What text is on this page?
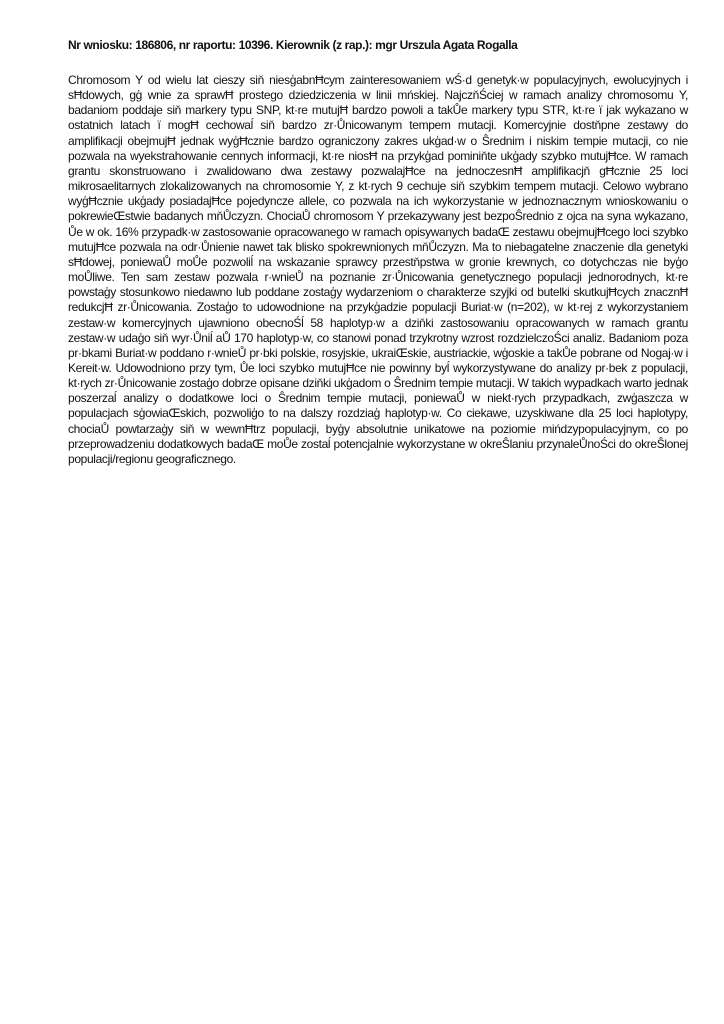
Nr wniosku: 186806, nr raportu: 10396. Kierownik (z rap.): mgr Urszula Agata Rogalla

Chromosom Y od wielu lat cieszy siň niesģabnĦcym zainteresowaniem wŚ·d genetyk·w populacyjnych, ewolucyjnych i sĦdowych, gģ wnie za sprawĦ prostego dziedziczenia w linii mńskiej. NajczňŚciej w ramach analizy chromosomu Y, badaniom poddaje siň markery typu SNP, kt·re mutujĦ bardzo powoli a takŮe markery typu STR, kt·re ï jak wykazano w ostatnich latach ï mogĦ cechowaĺ siň bardzo zr·Ůnicowanym tempem mutacji. Komercyjnie dostňpne zestawy do amplifikacji obejmujĦ jednak wyģĦcznie bardzo ograniczony zakres ukģad·w o Ŝrednim i niskim tempie mutacji, co nie pozwala na wyekstrahowanie cennych informacji, kt·re niosĦ na przykģad pominiňte ukģady szybko mutujĦce. W ramach grantu skonstruowano i zwalidowano dwa zestawy pozwalajĦce na jednoczesnĦ amplifikacjň gĦcznie 25 loci mikrosaelitarnych zlokalizowanych na chromosomie Y, z kt·rych 9 cechuje siň szybkim tempem mutacji. Celowo wybrano wyģĦcznie ukģady posiadajĦce pojedyncze allele, co pozwala na ich wykorzystanie w jednoznacznym wnioskowaniu o pokrewieŒstwie badanych mňŮczyzn. ChociaŮ chromosom Y przekazywany jest bezpoŜrednio z ojca na syna wykazano, Ůe w ok. 16% przypadk·w zastosowanie opracowanego w ramach opisywanych badaŒ zestawu obejmujĦcego loci szybko mutujĦce pozwala na odr·Ůnienie nawet tak blisko spokrewnionych mňŮczyzn. Ma to niebagatelne znaczenie dla genetyki sĦdowej, poniewaŮ moŮe pozwoliĺ na wskazanie sprawcy przestňpstwa w gronie krewnych, co dotychczas nie byģo moŮliwe. Ten sam zestaw pozwala r·wnieŮ na poznanie zr·Ůnicowania genetycznego populacji jednorodnych, kt·re powstaģy stosunkowo niedawno lub poddane zostaģy wydarzeniom o charakterze szyjki od butelki skutkujĦcych znacznĦ redukcjĦ zr·Ůnicowania. Zostaģo to udowodnione na przykģadzie populacji Buriat·w (n=202), w kt·rej z wykorzystaniem zestaw·w komercyjnych ujawniono obecnoŚĺ 58 haplotyp·w a dziňki zastosowaniu opracowanych w ramach grantu zestaw·w udaģo siň wyr·Ůniĺ aŮ 170 haplotyp·w, co stanowi ponad trzykrotny wzrost rozdzielczoŚci analiz. Badaniom poza pr·bkami Buriat·w poddano r·wnieŮ pr·bki polskie, rosyjskie, ukraiŒskie, austriackie, wģoskie a takŮe pobrane od Nogaj·w i Kereit·w. Udowodniono przy tym, Ůe loci szybko mutujĦce nie powinny byĺ wykorzystywane do analizy pr·bek z populacji, kt·rych zr·Ůnicowanie zostaģo dobrze opisane dziňki ukģadom o Ŝrednim tempie mutacji. W takich wypadkach warto jednak poszerzaĺ analizy o dodatkowe loci o Ŝrednim tempie mutacji, poniewaŮ w niekt·rych przypadkach, zwģaszcza w populacjach sģowiaŒskich, pozwoliģo to na dalszy rozdziaģ haplotyp·w. Co ciekawe, uzyskiwane dla 25 loci haplotypy, chociaŮ powtarzaģy siň w wewnĦtrz populacji, byģy absolutnie unikatowe na poziomie mińdzypopulacyjnym, co po przeprowadzeniu dodatkowych badaŒ moŮe zostaĺ potencjalnie wykorzystane w okreŜlaniu przynaleŮnoŚci do okreŜlonej populacji/regionu geograficznego.
